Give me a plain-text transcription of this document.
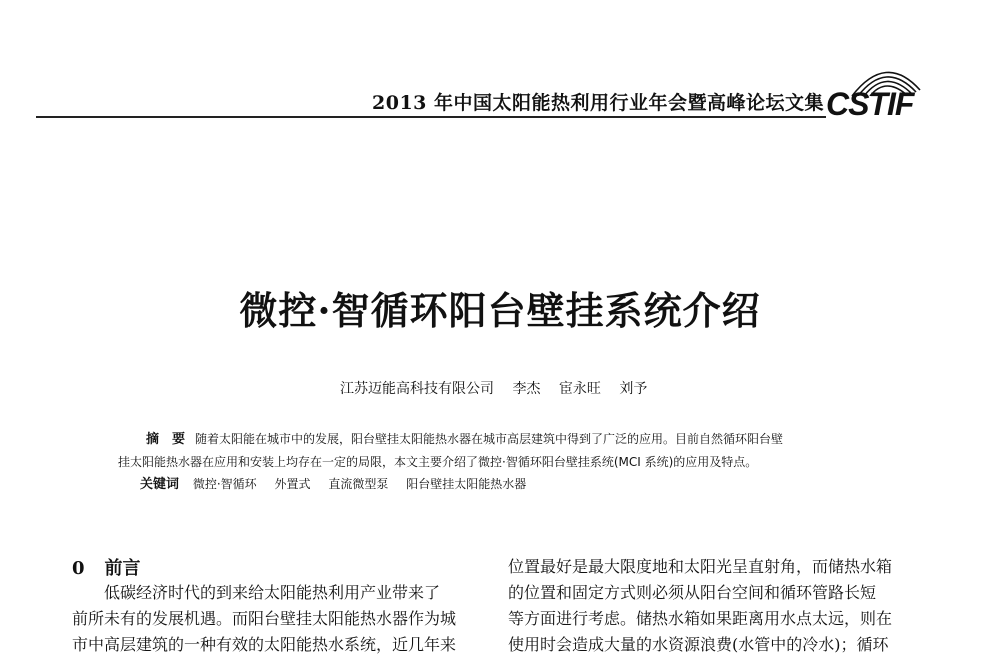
2013 年中国太阳能热利用行业年会暨高峰论坛文集 CSTIF
微控·智循环阳台壁挂系统介绍
江苏迈能高科技有限公司 李杰 宦永旺 刘予
摘　要 随着太阳能在城市中的发展，阳台壁挂太阳能热水器在城市高层建筑中得到了广泛的应用。目前自然循环阳台壁
挂太阳能热水器在应用和安装上均存在一定的局限，本文主要介绍了微控·智循环阳台壁挂系统(MCI 系统)的应用及特点。
关键词 微控·智循环 外置式 直流微型泵 阳台壁挂太阳能热水器
0 前言
低碳经济时代的到来给太阳能热利用产业带来了
前所未有的发展机遇。而阳台壁挂太阳能热水器作为城
市中高层建筑的一种有效的太阳能热水系统，近几年来
位置最好是最大限度地和太阳光呈直射角，而储热水箱
的位置和固定方式则必须从阳台空间和循环管路长短
等方面进行考虑。储热水箱如果距离用水点太远，则在
使用时会造成大量的水资源浪费(水管中的冷水)；循环
